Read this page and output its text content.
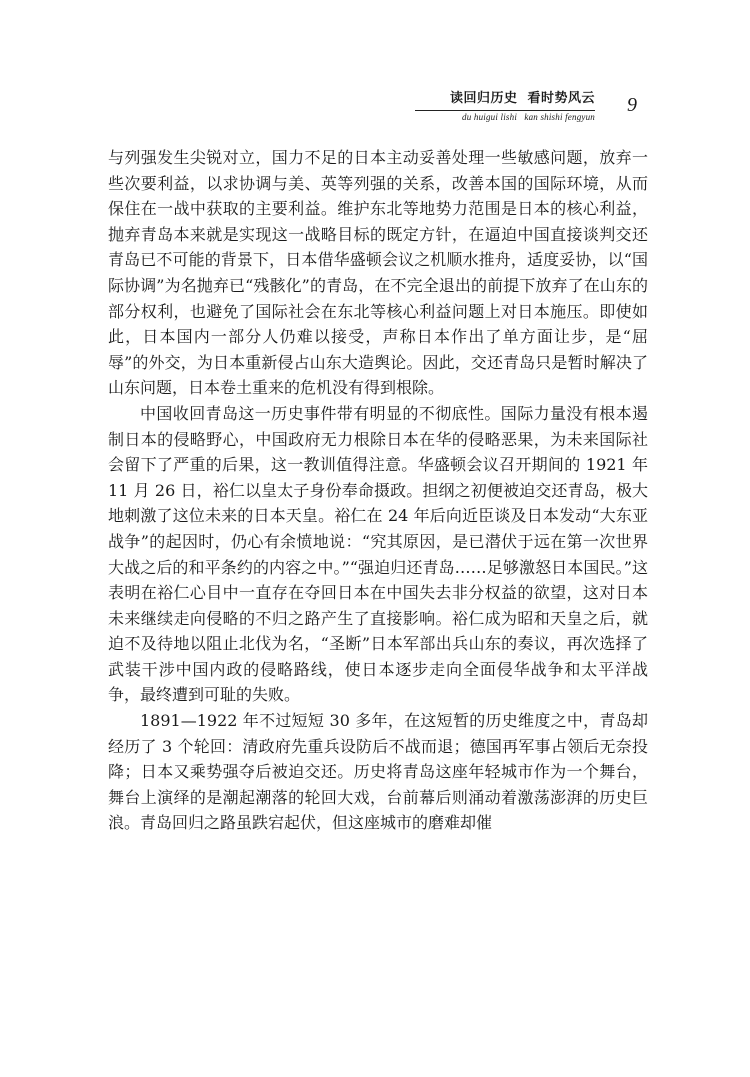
读回归历史 看时势风云
du huigui lishi kan shishi fengyun
9

与列强发生尖锐对立，国力不足的日本主动妥善处理一些敏感问题，放弃一些次要利益，以求协调与美、英等列强的关系，改善本国的国际环境，从而保住在一战中获取的主要利益。维护东北等地势力范围是日本的核心利益，抛弃青岛本来就是实现这一战略目标的既定方针，在逼迫中国直接谈判交还青岛已不可能的背景下，日本借华盛顿会议之机顺水推舟，适度妥协，以“国际协调”为名抛弃已“残骸化”的青岛，在不完全退出的前提下放弃了在山东的部分权利，也避免了国际社会在东北等核心利益问题上对日本施压。即使如此，日本国内一部分人仍难以接受，声称日本作出了单方面让步，是“屈辱”的外交，为日本重新侵占山东大造舆论。因此，交还青岛只是暂时解决了山东问题，日本卷土重来的危机没有得到根除。

中国收回青岛这一历史事件带有明显的不彻底性。国际力量没有根本遏制日本的侵略野心，中国政府无力根除日本在华的侵略恶果，为未来国际社会留下了严重的后果，这一教训值得注意。华盛顿会议召开期间的 1921 年 11 月 26 日，裕仁以皇太子身份奉命摄政。担纲之初便被迫交还青岛，极大地刺激了这位未来的日本天皇。裕仁在 24 年后向近臣谈及日本发动“大东亚战争”的起因时，仍心有余愤地说：“究其原因，是已潜伏于远在第一次世界大战之后的和平条约的内容之中。”“强迫归还青岛……足够激怒日本国民。”这表明在裕仁心目中一直存在夺回日本在中国失去非分权益的欲望，这对日本未来继续走向侵略的不归之路产生了直接影响。裕仁成为昭和天皇之后，就迫不及待地以阻止北伐为名，“圣断”日本军部出兵山东的奏议，再次选择了武装干涉中国内政的侵略路线，使日本逐步走向全面侵华战争和太平洋战争，最终遭到可耻的失败。

1891—1922 年不过短短 30 多年，在这短暂的历史维度之中，青岛却经历了 3 个轮回：清政府先重兵设防后不战而退；德国再军事占领后无奈投降；日本又乘势强夺后被迫交还。历史将青岛这座年轻城市作为一个舞台，舞台上演绎的是潮起潮落的轮回大戏，台前幕后则涌动着激荡澎湃的历史巨浪。青岛回归之路虽跌宕起伏，但这座城市的磨难却催
